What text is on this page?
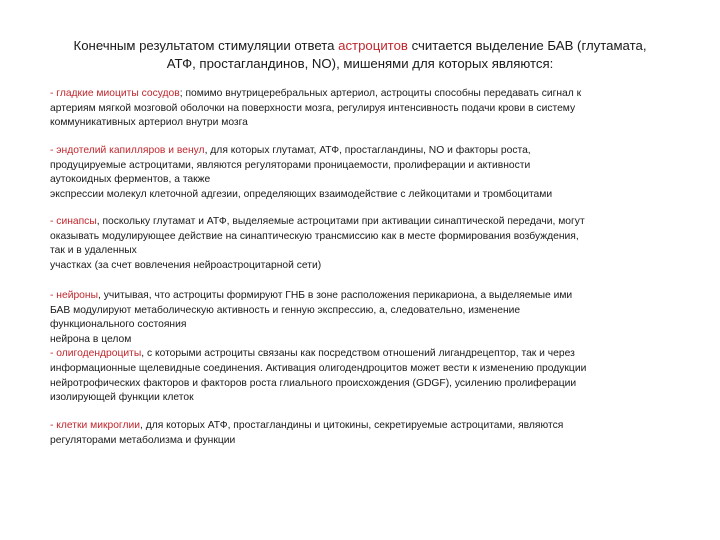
Конечным результатом стимуляции ответа астроцитов считается выделение БАВ (глутамата,
АТФ, простагландинов, NO), мишенями для которых являются:
- гладкие миоциты сосудов; помимо внутрицеребральных артериол, астроциты способны передавать сигнал к
артериям мягкой мозговой оболочки на поверхности мозга, регулируя интенсивность подачи крови в систему
коммуникативных артериол внутри мозга
- эндотелий капилляров и венул, для которых глутамат, АТФ, простагландины, NO и факторы роста,
продуцируемые астроцитами, являются регуляторами проницаемости, пролиферации и активности
аутокоидных ферментов, а также
экспрессии молекул клеточной адгезии, определяющих взаимодействие с лейкоцитами и тромбоцитами
- синапсы, поскольку глутамат и АТФ, выделяемые астроцитами при активации синаптической передачи, могут
оказывать модулирующее действие на синаптическую трансмиссию как в месте формирования возбуждения,
так и в удаленных
участках (за счет вовлечения нейроастроцитарной сети)
- нейроны, учитывая, что астроциты формируют ГНБ в зоне расположения перикариона, а выделяемые ими
БАВ модулируют метаболическую активность и генную экспрессию, а, следовательно, изменение
функционального состояния
нейрона в целом
- олигодендроциты, с которыми астроциты связаны как посредством отношений лигандрецептор, так и через
информационные щелевидные соединения. Активация олигодендроцитов может вести к изменению продукции
нейротрофических факторов и факторов роста глиального происхождения (GDGF), усилению пролиферации
изолирующей функции клеток
- клетки микроглии, для которых АТФ, простагландины и цитокины, секретируемые астроцитами, являются
регуляторами метаболизма и функции
